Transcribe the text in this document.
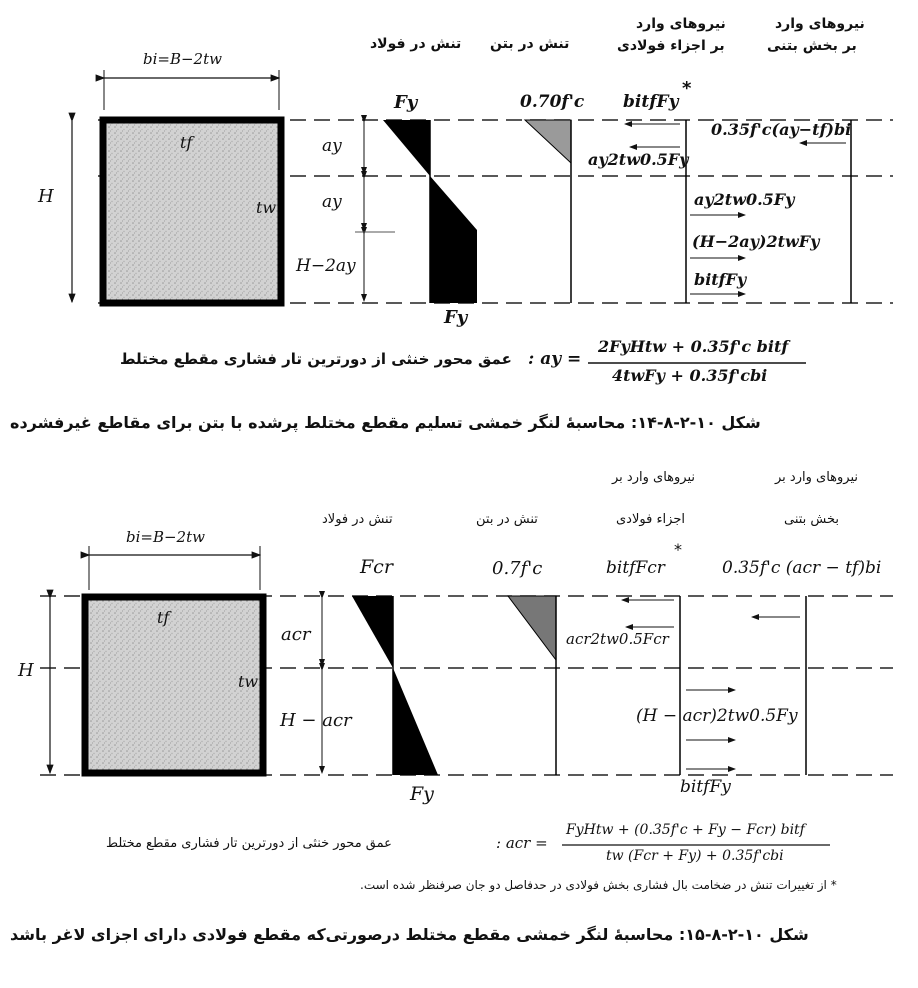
bi=B−2tw
tf
tw
H
ay
ay
H−2ay
تنش در فولاد تنش در بتن
نیروهای وارد
بر اجزاء فولادی
نیروهای وارد
بر بخش بتنی
Fy
Fy
0.70f'c bitfFy
*
ay2tw0.5Fy
0.35f'c(ay−tf)bi
ay2tw0.5Fy
(H−2ay)2twFy
bitfFy
عمق محور خنثی از دورترین تار فشاری مقطع مختلط : ay =
2FyHtw + 0.35f'c bitf
4twFy + 0.35f'cbi
شکل ۱۰-۲-۸-۱۴: محاسبهٔ لنگر خمشی تسلیم مقطع مختلط پرشده با بتن برای مقاطع غیرفشرده
bi=B−2tw
tf
tw
H
acr
H − acr
تنش در فولاد	تنش در بتن
نیروهای وارد بر
اجزاء فولادی
نیروهای وارد بر
بخش بتنی
Fcr
Fy
0.7f'c	bitfFcr
*
0.35f'c (acr − tf)bi
acr2tw0.5Fcr
(H − acr)2tw0.5Fy
bitfFy
عمق محور خنثی از دورترین تار فشاری مقطع مختلط	: acr =
FyHtw + (0.35f'c + Fy − Fcr) bitf
tw (Fcr + Fy) + 0.35f'cbi
* از تغییرات تنش در ضخامت بال فشاری بخش فولادی در حدفاصل دو جان صرفنظر شده است.
شکل ۱۰-۲-۸-۱۵: محاسبهٔ لنگر خمشی مقطع مختلط درصورتی‌که مقطع فولادی دارای اجزای لاغر باشد
